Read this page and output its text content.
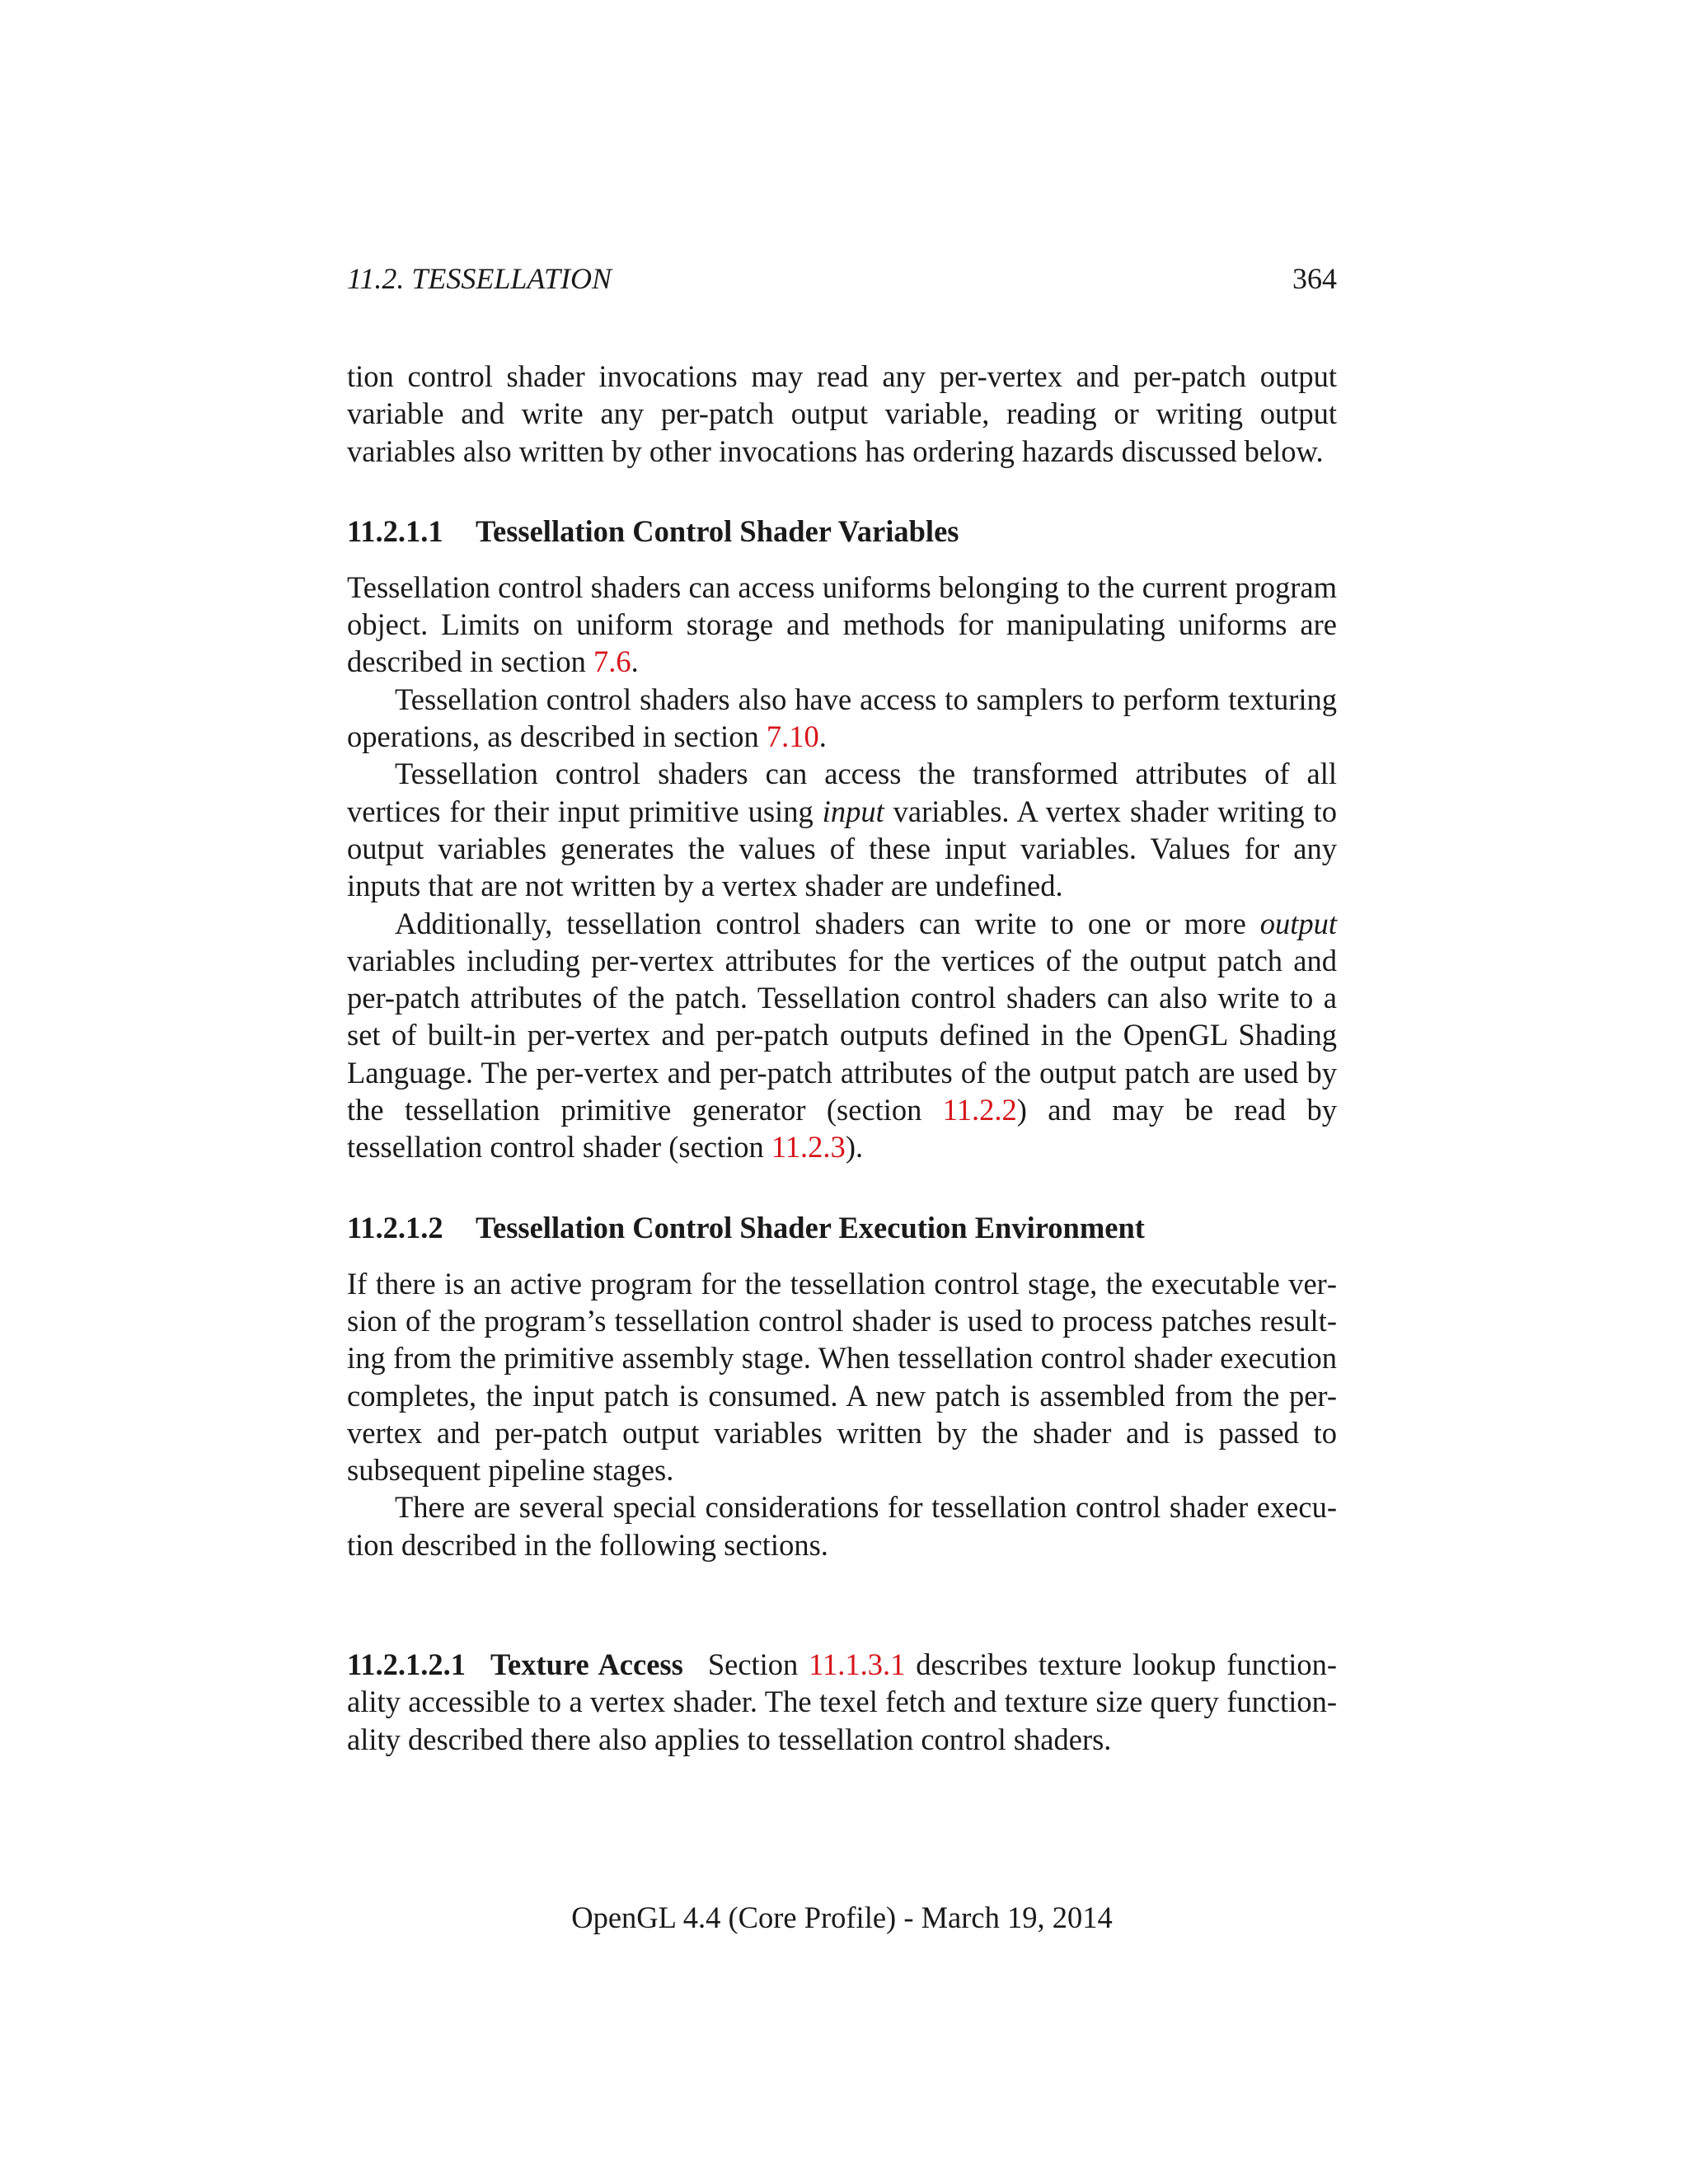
11.2. TESSELLATION	364

tion control shader invocations may read any per-vertex and per-patch output variable and write any per-patch output variable, reading or writing output variables also written by other invocations has ordering hazards discussed below.

11.2.1.1 Tessellation Control Shader Variables

Tessellation control shaders can access uniforms belonging to the current program object. Limits on uniform storage and methods for manipulating uniforms are described in section 7.6.

Tessellation control shaders also have access to samplers to perform texturing operations, as described in section 7.10.

Tessellation control shaders can access the transformed attributes of all vertices for their input primitive using input variables. A vertex shader writing to output variables generates the values of these input variables. Values for any inputs that are not written by a vertex shader are undefined.

Additionally, tessellation control shaders can write to one or more output variables including per-vertex attributes for the vertices of the output patch and per-patch attributes of the patch. Tessellation control shaders can also write to a set of built-in per-vertex and per-patch outputs defined in the OpenGL Shading Language. The per-vertex and per-patch attributes of the output patch are used by the tessellation primitive generator (section 11.2.2) and may be read by tessellation control shader (section 11.2.3).

11.2.1.2 Tessellation Control Shader Execution Environment

If there is an active program for the tessellation control stage, the executable version of the program’s tessellation control shader is used to process patches resulting from the primitive assembly stage. When tessellation control shader execution completes, the input patch is consumed. A new patch is assembled from the per-vertex and per-patch output variables written by the shader and is passed to subsequent pipeline stages.

There are several special considerations for tessellation control shader execution described in the following sections.

11.2.1.2.1 Texture Access Section 11.1.3.1 describes texture lookup functionality accessible to a vertex shader. The texel fetch and texture size query functionality described there also applies to tessellation control shaders.

OpenGL 4.4 (Core Profile) - March 19, 2014
